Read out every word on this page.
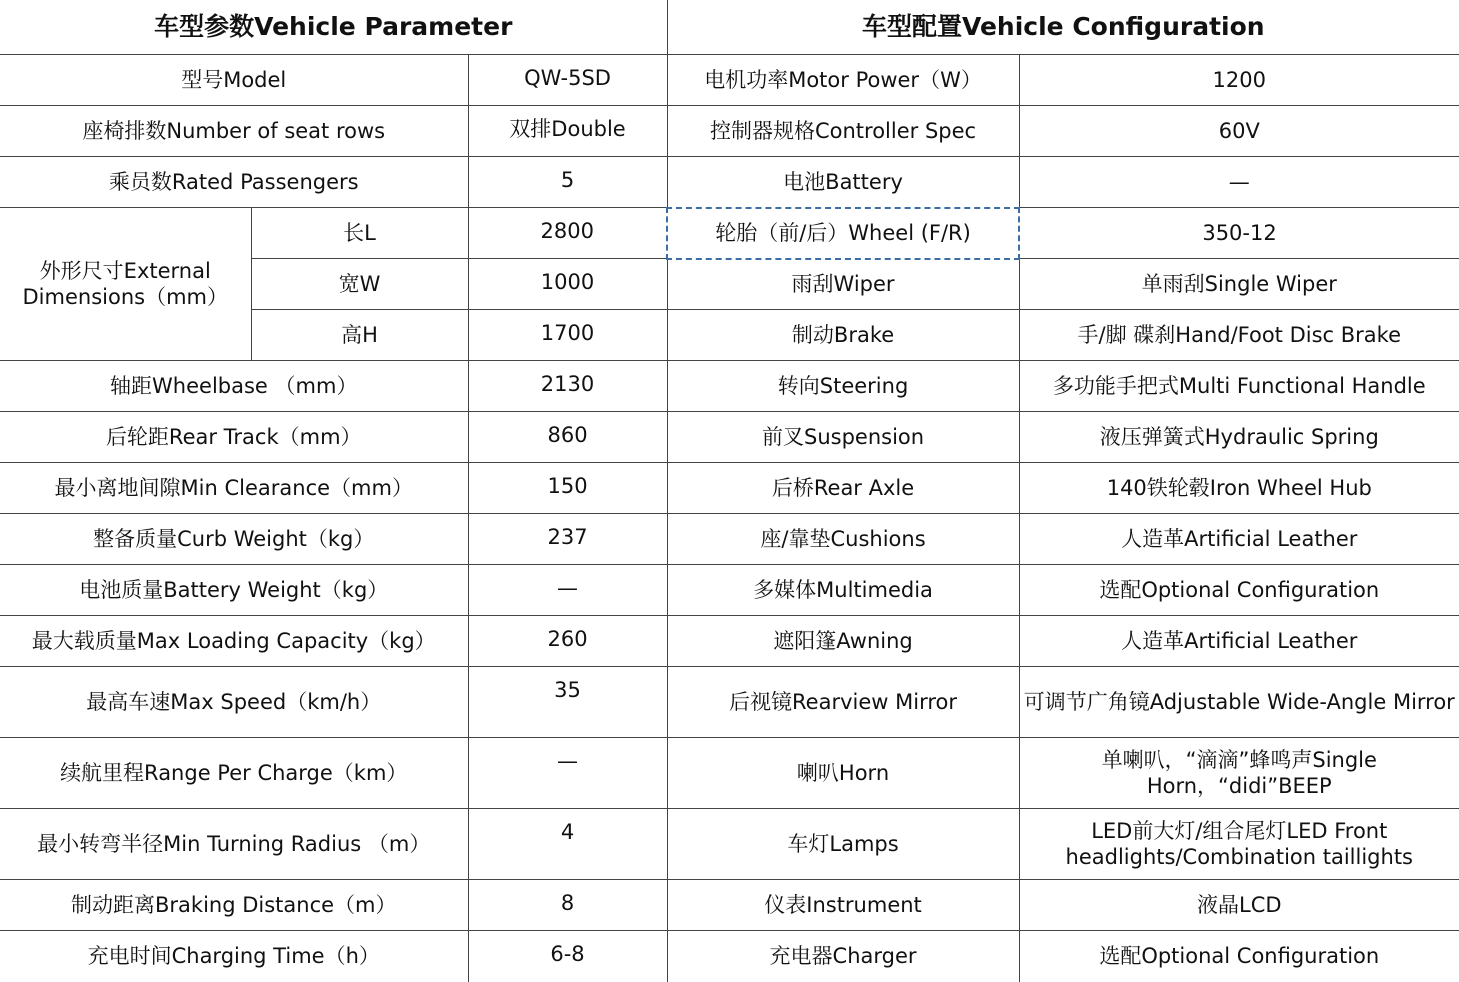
车型参数Vehicle Parameter			车型配置Vehicle Configuration	
型号Model		QW-5SD	电机功率Motor Power（W）	1200
座椅排数Number of seat rows		双排Double	控制器规格Controller Spec	60V
乘员数Rated Passengers		5	电池Battery	—
外形尺寸External Dimensions（mm）	长L	2800	轮胎（前/后）Wheel (F/R)	350-12
	宽W	1000	雨刮Wiper	单雨刮Single Wiper
	高H	1700	制动Brake	手/脚 碟刹Hand/Foot Disc Brake
轴距Wheelbase （mm）		2130	转向Steering	多功能手把式Multi Functional Handle
后轮距Rear Track（mm）		860	前叉Suspension	液压弹簧式Hydraulic Spring
最小离地间隙Min Clearance（mm）		150	后桥Rear Axle	140铁轮毂Iron Wheel Hub
整备质量Curb Weight（kg）		237	座/靠垫Cushions	人造革Artificial Leather
电池质量Battery Weight（kg）		—	多媒体Multimedia	选配Optional Configuration
最大载质量Max Loading Capacity（kg）		260	遮阳篷Awning	人造革Artificial Leather
最高车速Max Speed（km/h）		35	后视镜Rearview Mirror	可调节广角镜Adjustable Wide-Angle Mirror
续航里程Range Per Charge（km）		—	喇叭Horn	单喇叭，“滴滴”蜂鸣声Single Horn，“didi”BEEP
最小转弯半径Min Turning Radius （m）		4	车灯Lamps	LED前大灯/组合尾灯LED Front headlights/Combination taillights
制动距离Braking Distance（m）		8	仪表Instrument	液晶LCD
充电时间Charging Time（h）		6-8	充电器Charger	选配Optional Configuration
